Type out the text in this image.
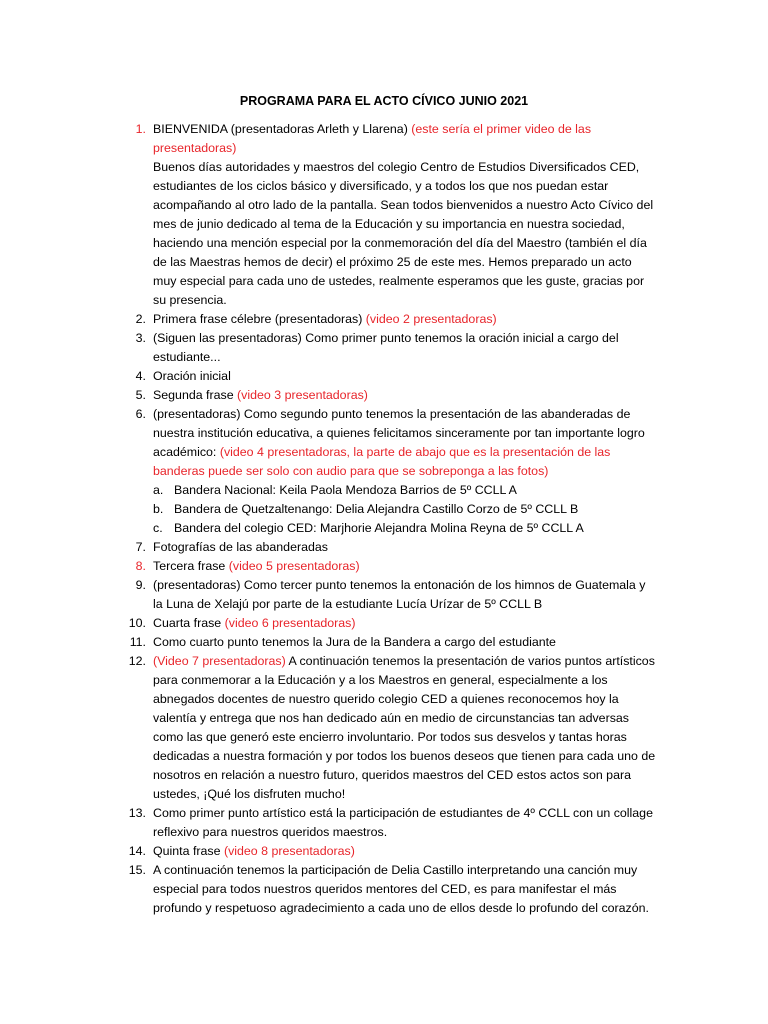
PROGRAMA PARA EL ACTO CÍVICO JUNIO 2021
1. BIENVENIDA (presentadoras Arleth y Llarena) (este sería el primer video de las presentadoras)
Buenos días autoridades y maestros del colegio Centro de Estudios Diversificados CED, estudiantes de los ciclos básico y diversificado, y a todos los que nos puedan estar acompañando al otro lado de la pantalla. Sean todos bienvenidos a nuestro Acto Cívico del mes de junio dedicado al tema de la Educación y su importancia en nuestra sociedad, haciendo una mención especial por la conmemoración del día del Maestro (también el día de las Maestras hemos de decir) el próximo 25 de este mes. Hemos preparado un acto muy especial para cada uno de ustedes, realmente esperamos que les guste, gracias por su presencia.
2. Primera frase célebre (presentadoras) (video 2 presentadoras)
3. (Siguen las presentadoras) Como primer punto tenemos la oración inicial a cargo del estudiante...
4. Oración inicial
5. Segunda frase (video 3 presentadoras)
6. (presentadoras) Como segundo punto tenemos la presentación de las abanderadas de nuestra institución educativa, a quienes felicitamos sinceramente por tan importante logro académico: (video 4 presentadoras, la parte de abajo que es la presentación de las banderas puede ser solo con audio para que se sobreponga a las fotos)
a. Bandera Nacional: Keila Paola Mendoza Barrios de 5º CCLL A
b. Bandera de Quetzaltenango: Delia Alejandra Castillo Corzo de 5º CCLL B
c. Bandera del colegio CED: Marjhorie Alejandra Molina Reyna de 5º CCLL A
7. Fotografías de las abanderadas
8. Tercera frase (video 5 presentadoras)
9. (presentadoras) Como tercer punto tenemos la entonación de los himnos de Guatemala y la Luna de Xelajú por parte de la estudiante Lucía Urízar de 5º CCLL B
10. Cuarta frase (video 6 presentadoras)
11. Como cuarto punto tenemos la Jura de la Bandera a cargo del estudiante
12. (Video 7 presentadoras) A continuación tenemos la presentación de varios puntos artísticos para conmemorar a la Educación y a los Maestros en general, especialmente a los abnegados docentes de nuestro querido colegio CED a quienes reconocemos hoy la valentía y entrega que nos han dedicado aún en medio de circunstancias tan adversas como las que generó este encierro involuntario. Por todos sus desvelos y tantas horas dedicadas a nuestra formación y por todos los buenos deseos que tienen para cada uno de nosotros en relación a nuestro futuro, queridos maestros del CED estos actos son para ustedes, ¡Qué los disfruten mucho!
13. Como primer punto artístico está la participación de estudiantes de 4º CCLL con un collage reflexivo para nuestros queridos maestros.
14. Quinta frase (video 8 presentadoras)
15. A continuación tenemos la participación de Delia Castillo interpretando una canción muy especial para todos nuestros queridos mentores del CED, es para manifestar el más profundo y respetuoso agradecimiento a cada uno de ellos desde lo profundo del corazón.
